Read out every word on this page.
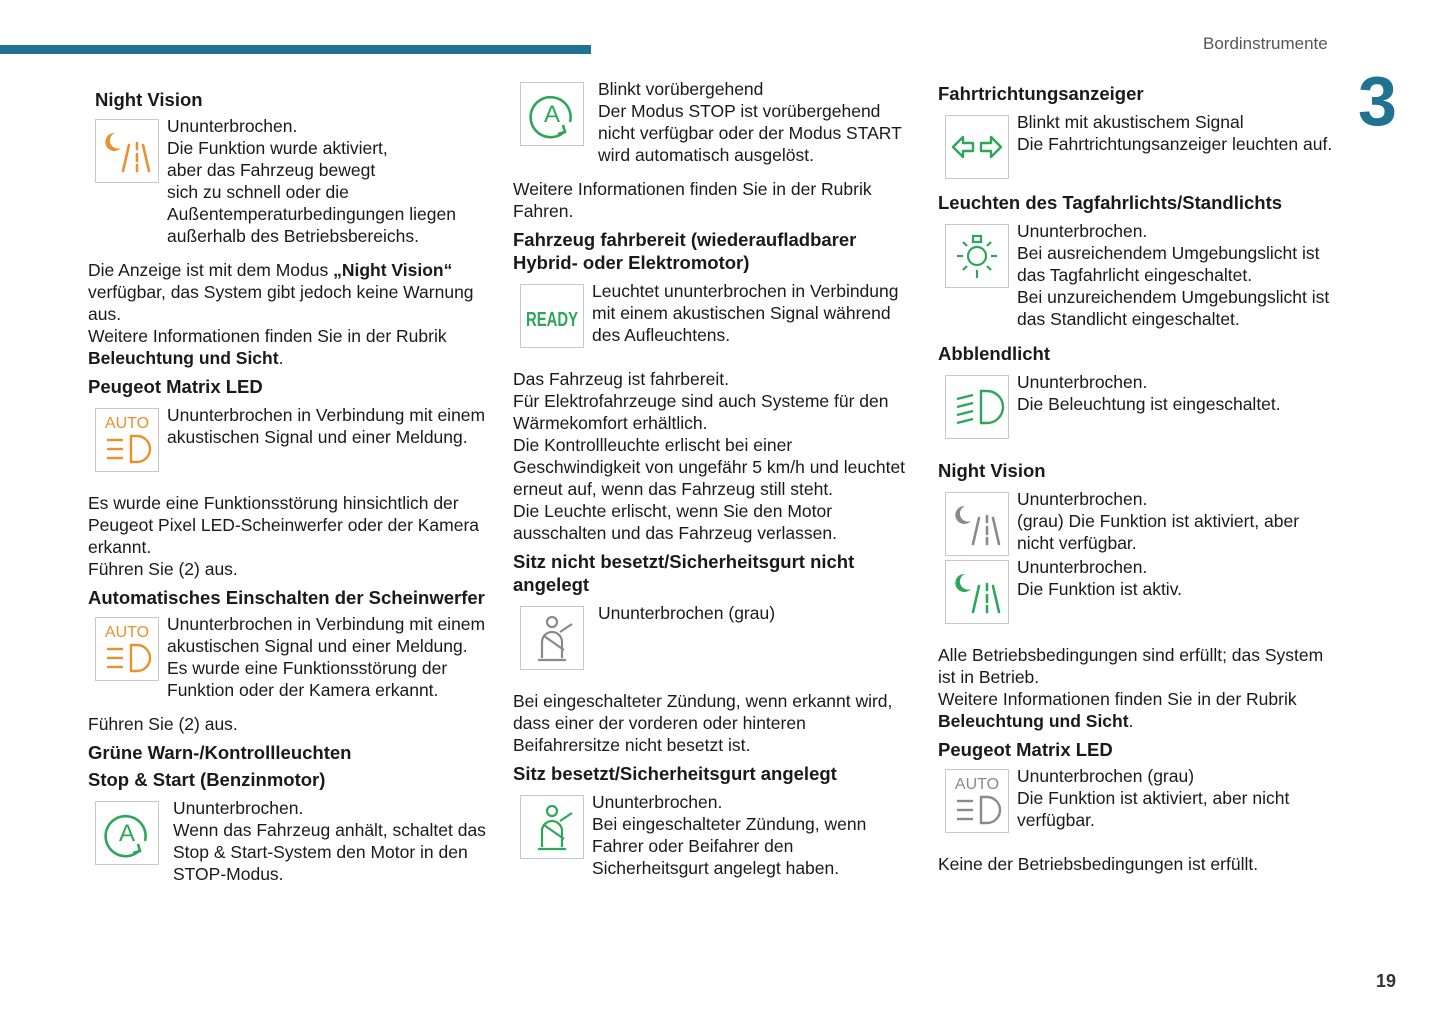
Bordinstrumente
3
19
Night Vision
Ununterbrochen.
Die Funktion wurde aktiviert,
aber das Fahrzeug bewegt
sich zu schnell oder die
Außentemperaturbedingungen liegen
außerhalb des Betriebsbereichs.

Die Anzeige ist mit dem Modus „Night Vision“ verfügbar, das System gibt jedoch keine Warnung aus.
Weitere Informationen finden Sie in der Rubrik Beleuchtung und Sicht.

Peugeot Matrix LED
AUTO Ununterbrochen in Verbindung mit einem akustischen Signal und einer Meldung.

Es wurde eine Funktionsstörung hinsichtlich der Peugeot Pixel LED-Scheinwerfer oder der Kamera erkannt.

Führen Sie (2) aus.

Automatisches Einschalten der Scheinwerfer
AUTO Ununterbrochen in Verbindung mit einem akustischen Signal und einer Meldung. Es wurde eine Funktionsstörung der Funktion oder der Kamera erkannt.

Führen Sie (2) aus.

Grüne Warn-/Kontrollleuchten
Stop & Start (Benzinmotor)
A
Ununterbrochen.
Wenn das Fahrzeug anhält, schaltet das Stop & Start-System den Motor in den STOP-Modus.
A
Blinkt vorübergehend
Der Modus STOP ist vorübergehend nicht verfügbar oder der Modus START wird automatisch ausgelöst.

Weitere Informationen finden Sie in der Rubrik Fahren.

Fahrzeug fahrbereit (wiederaufladbarer Hybrid- oder Elektromotor)
READY
Leuchtet ununterbrochen in Verbindung mit einem akustischen Signal während des Aufleuchtens.

Das Fahrzeug ist fahrbereit.
Für Elektrofahrzeuge sind auch Systeme für den Wärmekomfort erhältlich.
Die Kontrollleuchte erlischt bei einer Geschwindigkeit von ungefähr 5 km/h und leuchtet erneut auf, wenn das Fahrzeug still steht.
Die Leuchte erlischt, wenn Sie den Motor ausschalten und das Fahrzeug verlassen.

Sitz nicht besetzt/Sicherheitsgurt nicht angelegt
Ununterbrochen (grau)

Bei eingeschalteter Zündung, wenn erkannt wird, dass einer der vorderen oder hinteren Beifahrersitze nicht besetzt ist.

Sitz besetzt/Sicherheitsgurt angelegt
Ununterbrochen.
Bei eingeschalteter Zündung, wenn Fahrer oder Beifahrer den Sicherheitsgurt angelegt haben.
Fahrtrichtungsanzeiger
Blinkt mit akustischem Signal
Die Fahrtrichtungsanzeiger leuchten auf.
Leuchten des Tagfahrlichts/Standlichts
Ununterbrochen.
Bei ausreichendem Umgebungslicht ist das Tagfahrlicht eingeschaltet.
Bei unzureichendem Umgebungslicht ist das Standlicht eingeschaltet.
Abblendlicht
Ununterbrochen.
Die Beleuchtung ist eingeschaltet.
Night Vision
Ununterbrochen.
(grau) Die Funktion ist aktiviert, aber nicht verfügbar.
Ununterbrochen.
Die Funktion ist aktiv.

Alle Betriebsbedingungen sind erfüllt; das System ist in Betrieb.
Weitere Informationen finden Sie in der Rubrik Beleuchtung und Sicht.

Peugeot Matrix LED
AUTO Ununterbrochen (grau)
Die Funktion ist aktiviert, aber nicht verfügbar.

Keine der Betriebsbedingungen ist erfüllt.
